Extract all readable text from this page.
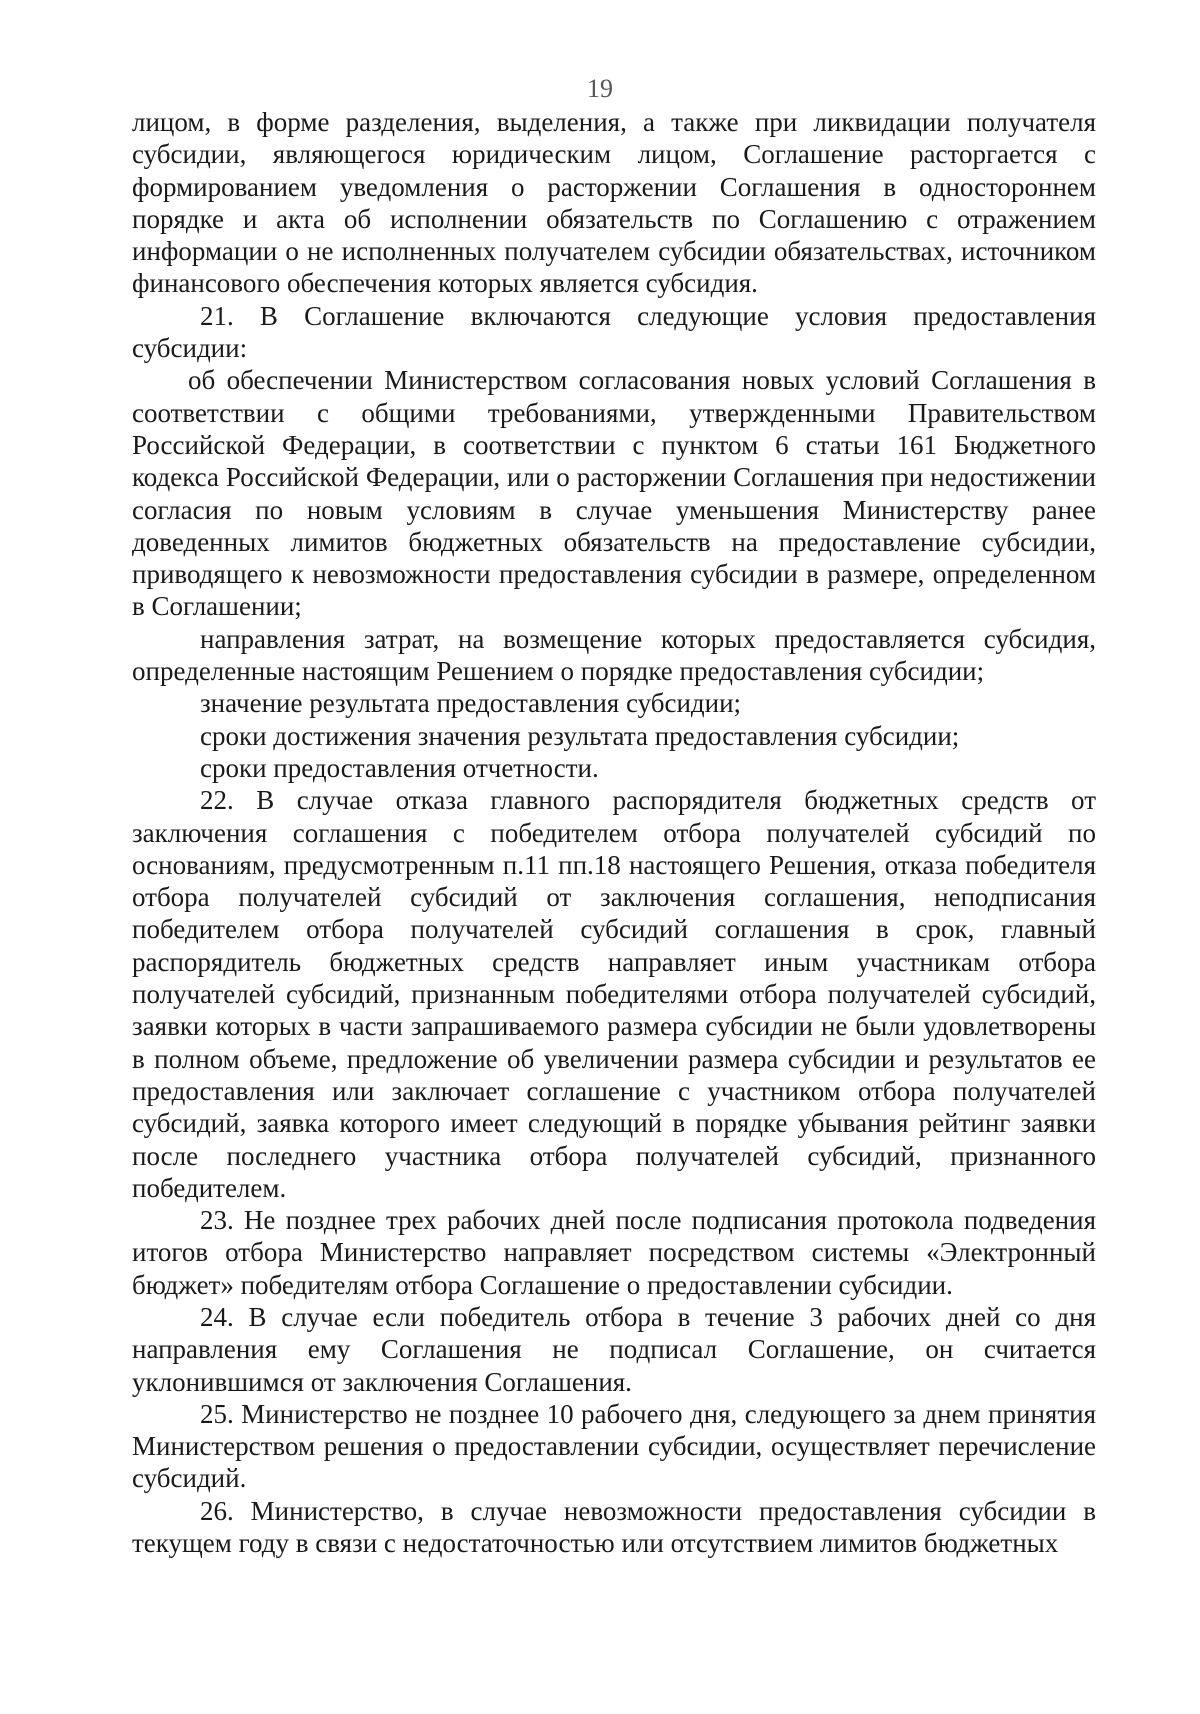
19

лицом, в форме разделения, выделения, а также при ликвидации получателя субсидии, являющегося юридическим лицом, Соглашение расторгается с формированием уведомления о расторжении Соглашения в одностороннем порядке и акта об исполнении обязательств по Соглашению с отражением информации о не исполненных получателем субсидии обязательствах, источником финансового обеспечения которых является субсидия.

21. В Соглашение включаются следующие условия предоставления субсидии:

об обеспечении Министерством согласования новых условий Соглашения в соответствии с общими требованиями, утвержденными Правительством Российской Федерации, в соответствии с пунктом 6 статьи 161 Бюджетного кодекса Российской Федерации, или о расторжении Соглашения при недостижении согласия по новым условиям в случае уменьшения Министерству ранее доведенных лимитов бюджетных обязательств на предоставление субсидии, приводящего к невозможности предоставления субсидии в размере, определенном в Соглашении;

направления затрат, на возмещение которых предоставляется субсидия, определенные настоящим Решением о порядке предоставления субсидии;

значение результата предоставления субсидии;

сроки достижения значения результата предоставления субсидии;

сроки предоставления отчетности.

22. В случае отказа главного распорядителя бюджетных средств от заключения соглашения с победителем отбора получателей субсидий по основаниям, предусмотренным п.11 пп.18 настоящего Решения, отказа победителя отбора получателей субсидий от заключения соглашения, неподписания победителем отбора получателей субсидий соглашения в срок, главный распорядитель бюджетных средств направляет иным участникам отбора получателей субсидий, признанным победителями отбора получателей субсидий, заявки которых в части запрашиваемого размера субсидии не были удовлетворены в полном объеме, предложение об увеличении размера субсидии и результатов ее предоставления или заключает соглашение с участником отбора получателей субсидий, заявка которого имеет следующий в порядке убывания рейтинг заявки после последнего участника отбора получателей субсидий, признанного победителем.

23. Не позднее трех рабочих дней после подписания протокола подведения итогов отбора Министерство направляет посредством системы «Электронный бюджет» победителям отбора Соглашение о предоставлении субсидии.

24. В случае если победитель отбора в течение 3 рабочих дней со дня направления ему Соглашения не подписал Соглашение, он считается уклонившимся от заключения Соглашения.

25. Министерство не позднее 10 рабочего дня, следующего за днем принятия Министерством решения о предоставлении субсидии, осуществляет перечисление субсидий.

26. Министерство, в случае невозможности предоставления субсидии в текущем году в связи с недостаточностью или отсутствием лимитов бюджетных
